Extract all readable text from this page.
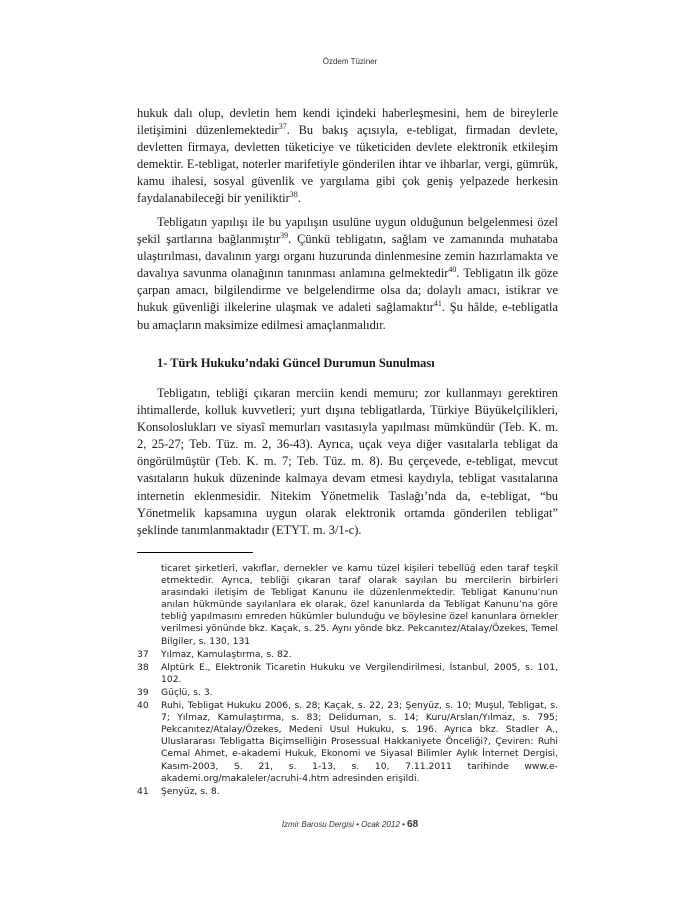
Özdem Tüziner

hukuk dalı olup, devletin hem kendi içindeki haberleşmesini, hem de bireylerle iletişimini düzenlemektedir$^{37}$. Bu bakış açısıyla, e-tebligat, firmadan devlete, devletten firmaya, devletten tüketiciye ve tüketiciden devlete elektronik etkileşim demektir. E-tebligat, noterler marifetiyle gönderilen ihtar ve ihbarlar, vergi, gümrük, kamu ihalesi, sosyal güvenlik ve yargılama gibi çok geniş yelpazede herkesin faydalanabileceği bir yeniliktir$^{38}$.

Tebligatın yapılışı ile bu yapılışın usulüne uygun olduğunun belgelenmesi özel şekil şartlarına bağlanmıştır$^{39}$. Çünkü tebligatın, sağlam ve zamanında muhataba ulaştırılması, davalının yargı organı huzurunda dinlenmesine zemin hazırlamakta ve davalıya savunma olanağının tanınması anlamına gelmektedir$^{40}$. Tebligatın ilk göze çarpan amacı, bilgilendirme ve belgelendirme olsa da; dolaylı amacı, istikrar ve hukuk güvenliği ilkelerine ulaşmak ve adaleti sağlamaktır$^{41}$. Şu hâlde, e-tebligatla bu amaçların maksimize edilmesi amaçlanmalıdır.

1- Türk Hukuku’ndaki Güncel Durumun Sunulması

Tebligatın, tebliği çıkaran merciin kendi memuru; zor kullanmayı gerektiren ihtimallerde, kolluk kuvvetleri; yurt dışına tebligatlarda, Türkiye Büyükelçilikleri, Konsoloslukları ve siyasî memurları vasıtasıyla yapılması mümkündür (Teb. K. m. 2, 25-27; Teb. Tüz. m. 2, 36-43). Ayrıca, uçak veya diğer vasıtalarla tebligat da öngörülmüştür (Teb. K. m. 7; Teb. Tüz. m. 8). Bu çerçevede, e-tebligat, mevcut vasıtaların hukuk düzeninde kalmaya devam etmesi kaydıyla, tebligat vasıtalarına internetin eklenmesidir. Nitekim Yönetmelik Taslağı’nda da, e-tebligat, “bu Yönetmelik kapsamına uygun olarak elektronik ortamda gönderilen tebligat” şeklinde tanımlanmaktadır (ETYT. m. 3/1-c).

ticaret şirketleri, vakıflar, dernekler ve kamu tüzel kişileri tebellüğ eden taraf teşkil etmektedir. Ayrıca, tebliği çıkaran taraf olarak sayılan bu mercilerin birbirleri arasındaki iletişim de Tebligat Kanunu ile düzenlenmektedir. Tebligat Kanunu’nun anılan hükmünde sayılanlara ek olarak, özel kanunlarda da Tebligat Kanunu’na göre tebliğ yapılmasını emreden hükümler bulunduğu ve böylesine özel kanunlara örnekler verilmesi yönünde bkz. Kaçak, s. 25. Aynı yönde bkz. Pekcanıtez/Atalay/Özekes, Temel Bilgiler, s. 130, 131

37	Yılmaz, Kamulaştırma, s. 82.
38	Alptürk E., Elektronik Ticaretin Hukuku ve Vergilendirilmesi, İstanbul, 2005, s. 101, 102.
39	Güçlü, s. 3.
40	Ruhi, Tebligat Hukuku 2006, s. 28; Kaçak, s. 22, 23; Şenyüz, s. 10; Muşul, Tebligat, s. 7; Yılmaz, Kamulaştırma, s. 83; Deliduman, s. 14; Kuru/Arslan/Yılmaz, s. 795; Pekcanıtez/Atalay/Özekes, Medeni Usul Hukuku, s. 196. Ayrıca bkz. Stadler A., Uluslararası Tebligatta Biçimselliğin Prosessual Hakkaniyete Önceliği?, Çeviren: Ruhi Cemal Ahmet, e-akademi Hukuk, Ekonomi ve Siyasal Bilimler Aylık İnternet Dergisi, Kasım-2003, S. 21, s. 1-13, s. 10, 7.11.2011 tarihinde www.e-akademi.org/makaleler/acruhi-4.htm adresinden erişildi.
41	Şenyüz, s. 8.
İzmir Barosu Dergisi • Ocak 2012 • 68
